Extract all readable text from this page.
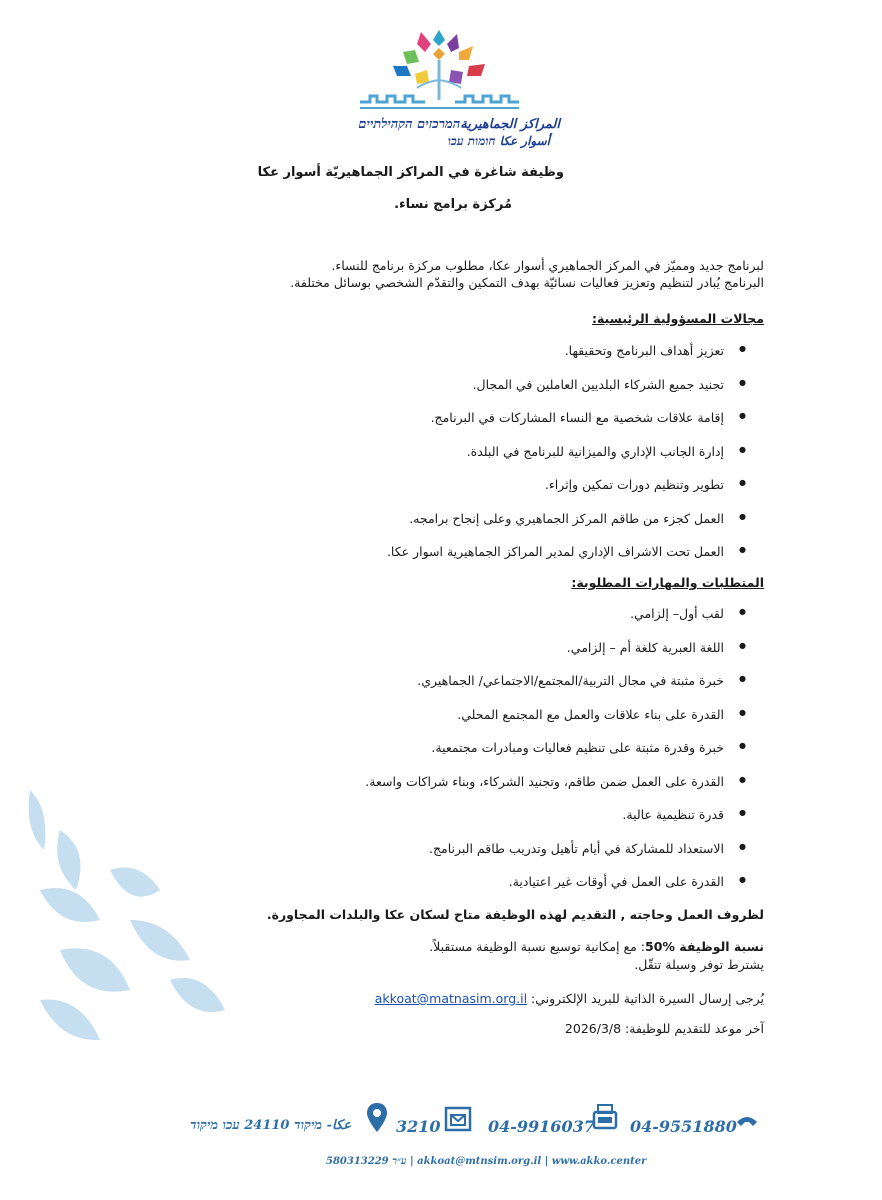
المراكز الجماهيريةהמרכזים הקהילתיים
أسوار عكا חומות עכו
وظيفة شاغرة في المراكز الجماهيريّة أسوار عكا
مُركزة برامج نساء.
لبرنامج جديد ومميّز في المركز الجماهيري أسوار عكا، مطلوب مركزة برنامج للنساء.
البرنامج يُبادر لتنظيم وتعزيز فعاليات نسائيّة بهدف التمكين والتقدّم الشخصي بوسائل مختلفة.
مجالات المسؤولية الرئيسية:
● تعزيز أهداف البرنامج وتحقيقها.
● تجنيد جميع الشركاء البلديين العاملين في المجال.
● إقامة علاقات شخصية مع النساء المشاركات في البرنامج.
● إدارة الجانب الإداري والميزانية للبرنامج في البلدة.
● تطوير وتنظيم دورات تمكين وإثراء.
● العمل كجزء من طاقم المركز الجماهيري وعلى إنجاح برامجه.
● العمل تحت الاشراف الإداري لمدير المراكز الجماهيرية اسوار عكا.
المتطلبات والمهارات المطلوبة:
● لقب أول– إلزامي.
● اللغة العبرية كلغة أم – إلزامي.
● خبرة مثبتة في مجال التربية/المجتمع/الاجتماعي/ الجماهيري.
● القدرة على بناء علاقات والعمل مع المجتمع المحلي.
● خبرة وقدرة مثبتة على تنظيم فعاليات ومبادرات مجتمعية.
● القدرة على العمل ضمن طاقم، وتجنيد الشركاء، وبناء شراكات واسعة.
● قدرة تنظيمية عالية.
● الاستعداد للمشاركة في أيام تأهيل وتدريب طاقم البرنامج.
● القدرة على العمل في أوقات غير اعتيادية.
لظروف العمل وحاجته , التقديم لهذه الوظيفة متاح لسكان عكا والبلدات المجاورة.
نسبة الوظيفة %50: مع إمكانية توسيع نسبة الوظيفة مستقبلاً.
يشترط توفر وسيلة تنقّل.
يُرجى إرسال السيرة الذاتية للبريد الإلكتروني: akkoat@matnasim.org.il
آخر موعد للتقديم للوظيفة: 2026/3/8
04-9551880
04-9916037
3210
عكا- מיקוד 24110 עכו מיקוד
580313229 ע״ר | akkoat@mtnsim.org.il | www.akko.center
